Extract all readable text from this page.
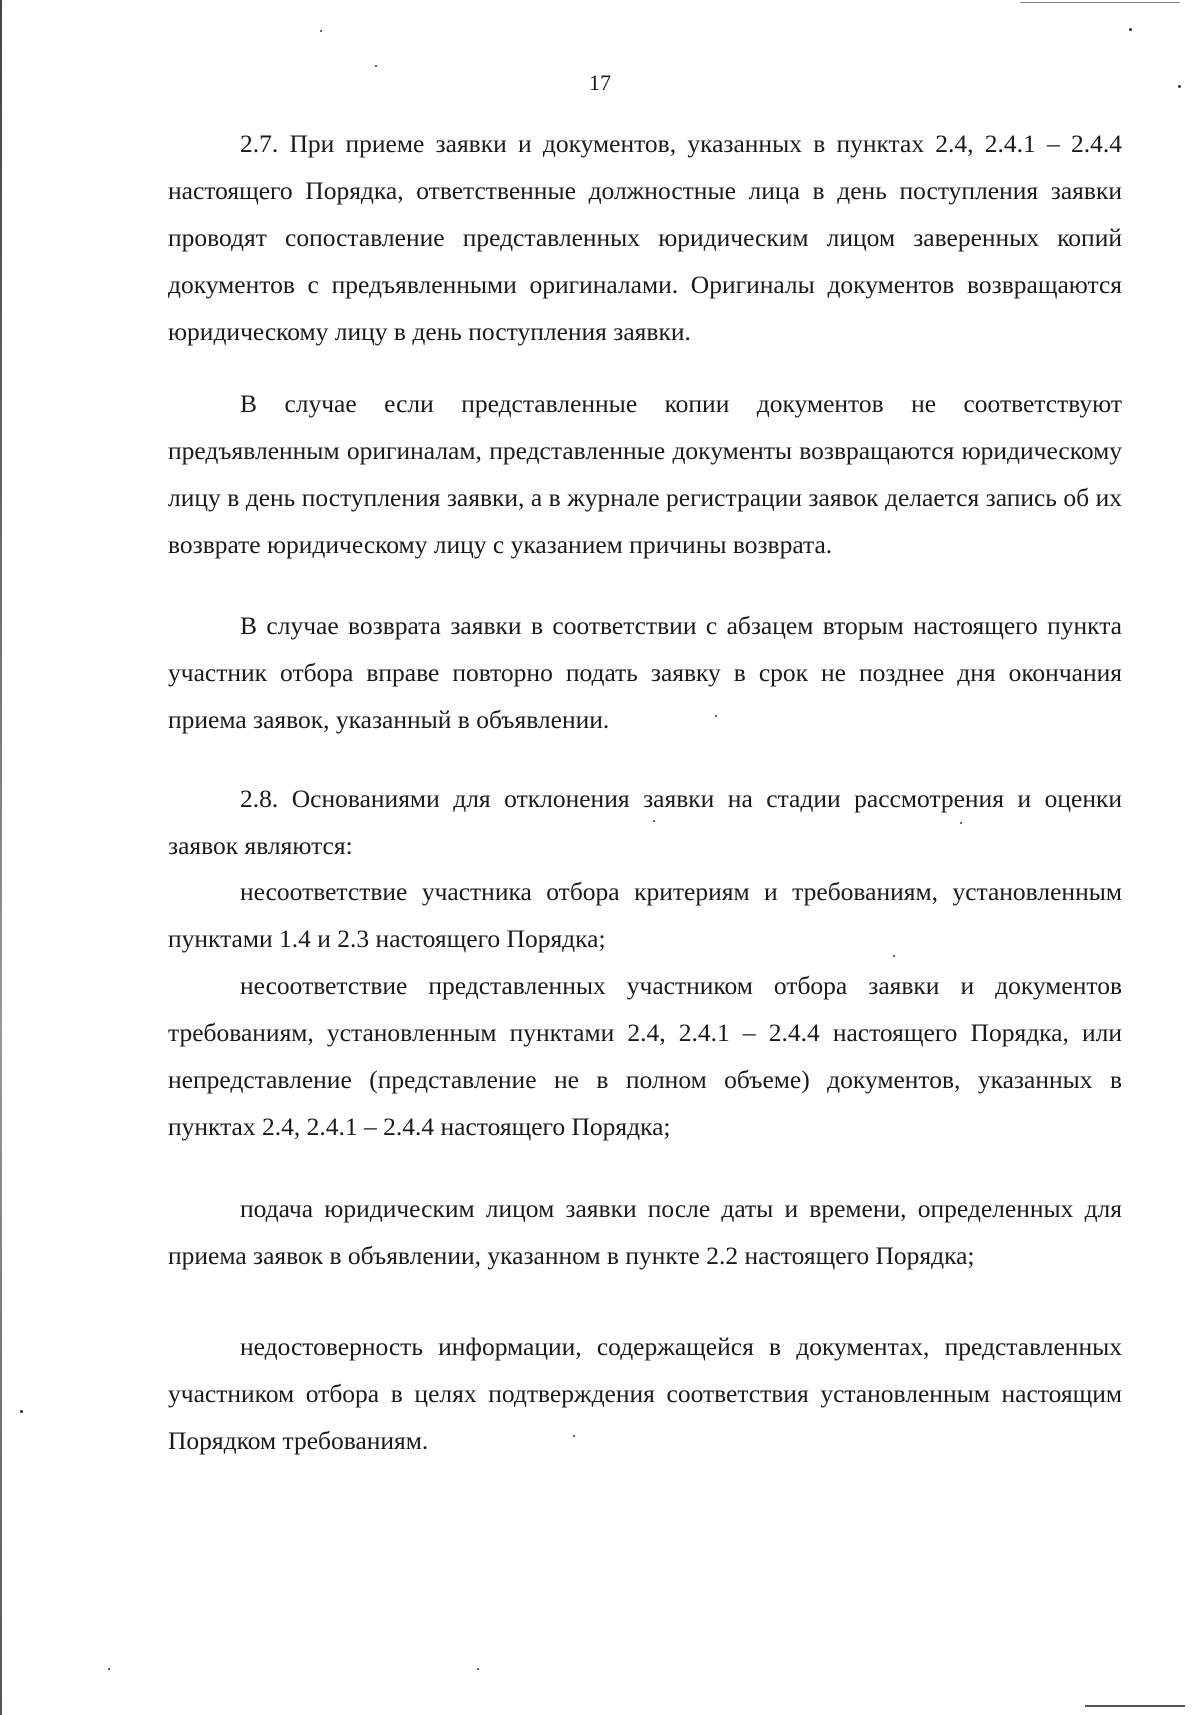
17

2.7. При приеме заявки и документов, указанных в пунктах 2.4, 2.4.1 – 2.4.4 настоящего Порядка, ответственные должностные лица в день поступления заявки проводят сопоставление представленных юридическим лицом заверенных копий документов с предъявленными оригиналами. Оригиналы документов возвращаются юридическому лицу в день поступления заявки.

В случае если представленные копии документов не соответствуют предъявленным оригиналам, представленные документы возвращаются юридическому лицу в день поступления заявки, а в журнале регистрации заявок делается запись об их возврате юридическому лицу с указанием причины возврата.

В случае возврата заявки в соответствии с абзацем вторым настоящего пункта участник отбора вправе повторно подать заявку в срок не позднее дня окончания приема заявок, указанный в объявлении.

2.8. Основаниями для отклонения заявки на стадии рассмотрения и оценки заявок являются:

несоответствие участника отбора критериям и требованиям, установленным пунктами 1.4 и 2.3 настоящего Порядка;

несоответствие представленных участником отбора заявки и документов требованиям, установленным пунктами 2.4, 2.4.1 – 2.4.4 настоящего Порядка, или непредставление (представление не в полном объеме) документов, указанных в пунктах 2.4, 2.4.1 – 2.4.4 настоящего Порядка;

подача юридическим лицом заявки после даты и времени, определенных для приема заявок в объявлении, указанном в пункте 2.2 настоящего Порядка;

недостоверность информации, содержащейся в документах, представленных участником отбора в целях подтверждения соответствия установленным настоящим Порядком требованиям.
